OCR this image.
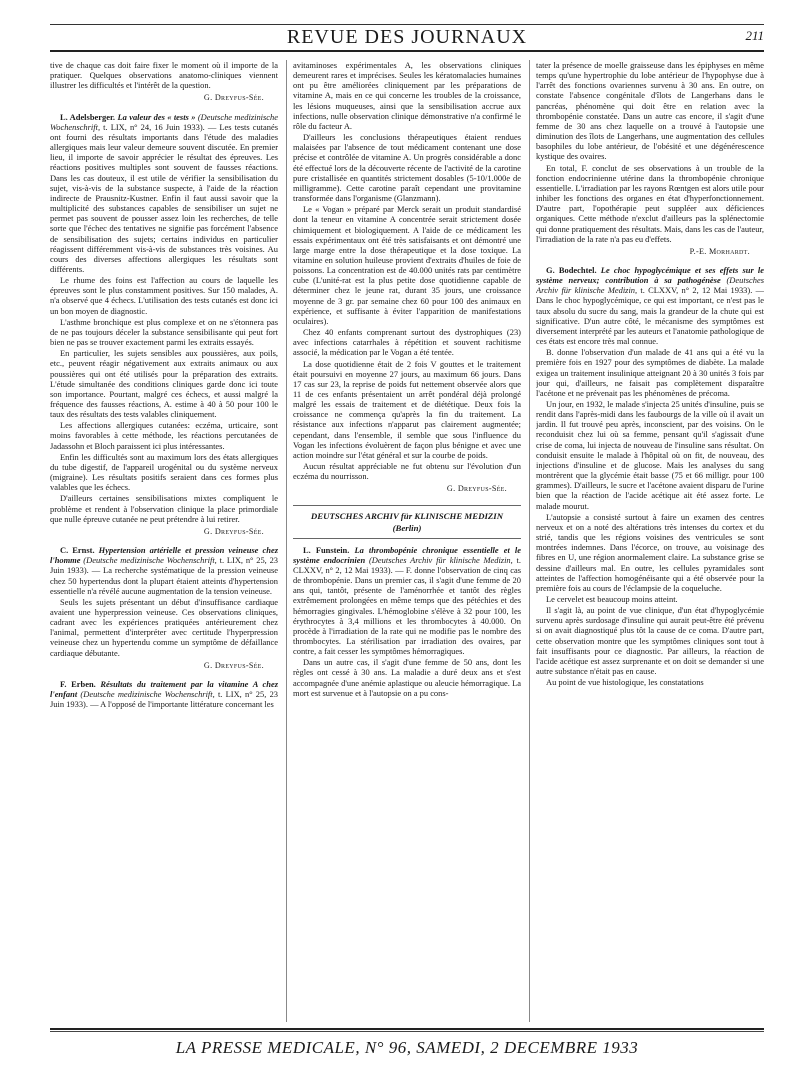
REVUE DES JOURNAUX	211

tive de chaque cas doit faire fixer le moment où il importe de la pratiquer. Quelques observations anatomo-cliniques viennent illustrer les difficultés et l'intérêt de la question.

G. Dreyfus-Sée.

L. Adelsberger. La valeur des « tests » (Deutsche medizinische Wochenschrift, t. LIX, n° 24, 16 Juin 1933). — Les tests cutanés ont fourni des résultats importants dans l'étude des maladies allergiques mais leur valeur demeure souvent discutée. En premier lieu, il importe de savoir apprécier le résultat des épreuves. Les réactions positives multiples sont souvent de fausses réactions. Dans les cas douteux, il est utile de vérifier la sensibilisation du sujet, vis-à-vis de la substance suspecte, à l'aide de la réaction indirecte de Prausnitz-Kustner. Enfin il faut aussi savoir que la multiplicité des substances capables de sensibiliser un sujet ne permet pas souvent de pousser assez loin les recherches, de telle sorte que l'échec des tentatives ne signifie pas forcément l'absence de sensibilisation des sujets; certains individus en particulier réagissent différemment vis-à-vis de substances très voisines. Au cours des diverses affections allergiques les résultats sont différents.

Le rhume des foins est l'affection au cours de laquelle les épreuves sont le plus constamment positives. Sur 150 malades, A. n'a observé que 4 échecs. L'utilisation des tests cutanés est donc ici un bon moyen de diagnostic.

L'asthme bronchique est plus complexe et on ne s'étonnera pas de ne pas toujours déceler la substance sensibilisante qui peut fort bien ne pas se trouver exactement parmi les extraits essayés.

En particulier, les sujets sensibles aux poussières, aux poils, etc., peuvent réagir négativement aux extraits animaux ou aux poussières qui ont été utilisés pour la préparation des extraits. L'étude simultanée des conditions cliniques garde donc ici toute son importance. Pourtant, malgré ces échecs, et aussi malgré la fréquence des fausses réactions, A. estime à 40 à 50 pour 100 le taux des résultats des tests valables cliniquement.

Les affections allergiques cutanées: eczéma, urticaire, sont moins favorables à cette méthode, les réactions percutanées de Jadassohn et Bloch paraissent ici plus intéressantes.

Enfin les difficultés sont au maximum lors des états allergiques du tube digestif, de l'appareil urogénital ou du système nerveux (migraine). Les résultats positifs seraient dans ces formes plus valables que les échecs.

D'ailleurs certaines sensibilisations mixtes compliquent le problème et rendent à l'observation clinique la place primordiale que nulle épreuve cutanée ne peut prétendre à lui retirer.

G. Dreyfus-Sée.

C. Ernst. Hypertension artérielle et pression veineuse chez l'homme (Deutsche medizinische Wochenschrift, t. LIX, n° 25, 23 Juin 1933). — La recherche systématique de la pression veineuse chez 50 hypertendus dont la plupart étaient atteints d'hypertension essentielle n'a révélé aucune augmentation de la tension veineuse.

Seuls les sujets présentant un début d'insuffisance cardiaque avaient une hyperpression veineuse. Ces observations cliniques, cadrant avec les expériences pratiquées antérieurement chez l'animal, permettent d'interpréter avec certitude l'hyperpression veineuse chez un hypertendu comme un symptôme de défaillance cardiaque débutante.

G. Dreyfus-Sée.

F. Erben. Résultats du traitement par la vitamine A chez l'enfant (Deutsche medizinische Wochenschrift, t. LIX, n° 25, 23 Juin 1933). — A l'opposé de l'importante littérature concernant les

avitaminoses expérimentales A, les observations cliniques demeurent rares et imprécises. Seules les kératomalacies humaines ont pu être améliorées cliniquement par les préparations de vitamine A, mais en ce qui concerne les troubles de la croissance, les lésions muqueuses, ainsi que la sensibilisation accrue aux infections, nulle observation clinique démonstrative n'a confirmé le rôle du facteur A.

D'ailleurs les conclusions thérapeutiques étaient rendues malaisées par l'absence de tout médicament contenant une dose précise et contrôlée de vitamine A. Un progrès considérable a donc été effectué lors de la découverte récente de l'activité de la carotine pure cristallisée en quantités strictement dosables (5-10/1.000e de milligramme). Cette carotine paraît cependant une provitamine transformée dans l'organisme (Glanzmann).

Le « Vogan » préparé par Merck serait un produit standardisé dont la teneur en vitamine A concentrée serait strictement dosée chimiquement et biologiquement. A l'aide de ce médicament les essais expérimentaux ont été très satisfaisants et ont démontré une large marge entre la dose thérapeutique et la dose toxique. La vitamine en solution huileuse provient d'extraits d'huiles de foie de poissons. La concentration est de 40.000 unités rats par centimètre cube (L'unité-rat est la plus petite dose quotidienne capable de déterminer chez le jeune rat, durant 35 jours, une croissance moyenne de 3 gr. par semaine chez 60 pour 100 des animaux en expérience, et suffisante à éviter l'apparition de manifestations oculaires).

Chez 40 enfants comprenant surtout des dystrophiques (23) avec infections catarrhales à répétition et souvent rachitisme associé, la médication par le Vogan a été tentée.

La dose quotidienne était de 2 fois V gouttes et le traitement était poursuivi en moyenne 27 jours, au maximum 66 jours. Dans 17 cas sur 23, la reprise de poids fut nettement observée alors que 11 de ces enfants présentaient un arrêt pondéral déjà prolongé malgré les essais de traitement et de diététique. Deux fois la croissance ne commença qu'après la fin du traitement. La résistance aux infections n'apparut pas clairement augmentée; cependant, dans l'ensemble, il semble que sous l'influence du Vogan les infections évoluèrent de façon plus bénigne et avec une action moindre sur l'état général et sur la courbe de poids.

Aucun résultat appréciable ne fut obtenu sur l'évolution d'un eczéma du nourrisson.

G. Dreyfus-Sée.
DEUTSCHES ARCHIV für KLINISCHE MEDIZIN
(Berlin)

L. Funstein. La thrombopénie chronique essentielle et le système endocrinien (Deutsches Archiv für klinische Medizin, t. CLXXV, n° 2, 12 Mai 1933). — F. donne l'observation de cinq cas de thrombopénie. Dans un premier cas, il s'agit d'une femme de 20 ans qui, tantôt, présente de l'aménorrhée et tantôt des règles extrêmement prolongées en même temps que des pétéchies et des hémorragies gingivales. L'hémoglobine s'élève à 32 pour 100, les érythrocytes à 3,4 millions et les thrombocytes à 40.000. On procède à l'irradiation de la rate qui ne modifie pas le nombre des thrombocytes. La stérilisation par irradiation des ovaires, par contre, a fait cesser les symptômes hémorragiques.

Dans un autre cas, il s'agit d'une femme de 50 ans, dont les règles ont cessé à 30 ans. La maladie a duré deux ans et s'est accompagnée d'une anémie aplastique ou aleucie hémorragique. La mort est survenue et à l'autopsie on a pu cons-

tater la présence de moelle graisseuse dans les épiphyses en même temps qu'une hypertrophie du lobe antérieur de l'hypophyse due à l'arrêt des fonctions ovariennes survenu à 30 ans. En outre, on constate l'absence congénitale d'îlots de Langerhans dans le pancréas, phénomène qui doit être en relation avec la thrombopénie constatée. Dans un autre cas encore, il s'agit d'une femme de 30 ans chez laquelle on a trouvé à l'autopsie une diminution des îlots de Langerhans, une augmentation des cellules basophiles du lobe antérieur, de l'obésité et une dégénérescence kystique des ovaires.

En total, F. conclut de ses observations à un trouble de la fonction endocrinienne utérine dans la thrombopénie chronique essentielle. L'irradiation par les rayons Rœntgen est alors utile pour inhiber les fonctions des organes en état d'hyperfonctionnement. D'autre part, l'opothérapie peut suppléer aux déficiences organiques. Cette méthode n'exclut d'ailleurs pas la splénectomie qui donne pratiquement des résultats. Mais, dans les cas de l'auteur, l'irradiation de la rate n'a pas eu d'effets.

P.-E. Morhardt.

G. Bodechtel. Le choc hypoglycémique et ses effets sur le système nerveux; contribution à sa pathogénèse (Deutsches Archiv für klinische Medizin, t. CLXXV, n° 2, 12 Mai 1933). — Dans le choc hypoglycémique, ce qui est important, ce n'est pas le taux absolu du sucre du sang, mais la grandeur de la chute qui est significative. D'un autre côté, le mécanisme des symptômes est diversement interprété par les auteurs et l'anatomie pathologique de ces états est encore très mal connue.

B. donne l'observation d'un malade de 41 ans qui a été vu la première fois en 1927 pour des symptômes de diabète. La malade exigea un traitement insulinique atteignant 20 à 30 unités 3 fois par jour qui, d'ailleurs, ne faisait pas complètement disparaître l'acétone et ne prévenait pas les phénomènes de précoma.

Un jour, en 1932, le malade s'injecta 25 unités d'insuline, puis se rendit dans l'après-midi dans les faubourgs de la ville où il avait un jardin. Il fut trouvé peu après, inconscient, par des voisins. On le reconduisit chez lui où sa femme, pensant qu'il s'agissait d'une crise de coma, lui injecta de nouveau de l'insuline sans résultat. On conduisit ensuite le malade à l'hôpital où on fit, de nouveau, des injections d'insuline et de glucose. Mais les analyses du sang montrèrent que la glycémie était basse (75 et 66 milligr. pour 100 grammes). D'ailleurs, le sucre et l'acétone avaient disparu de l'urine bien que la réaction de l'acide acétique ait été assez forte. Le malade mourut.

L'autopsie a consisté surtout à faire un examen des centres nerveux et on a noté des altérations très intenses du cortex et du strié, tandis que les régions voisines des ventricules se sont montrées indemnes. Dans l'écorce, on trouve, au voisinage des fibres en U, une région anormalement claire. La substance grise se dessine d'ailleurs mal. En outre, les cellules pyramidales sont atteintes de l'affection homogénéisante qui a été observée pour la première fois au cours de l'éclampsie de la coqueluche.

Le cervelet est beaucoup moins atteint.

Il s'agit là, au point de vue clinique, d'un état d'hypoglycémie survenu après surdosage d'insuline qui aurait peut-être été prévenu si on avait diagnostiqué plus tôt la cause de ce coma. D'autre part, cette observation montre que les symptômes cliniques sont tout à fait insuffisants pour ce diagnostic. Par ailleurs, la réaction de l'acide acétique est assez surprenante et on doit se demander si une autre substance n'était pas en cause.

Au point de vue histologique, les constatations

LA PRESSE MEDICALE, N° 96, SAMEDI, 2 DECEMBRE 1933
